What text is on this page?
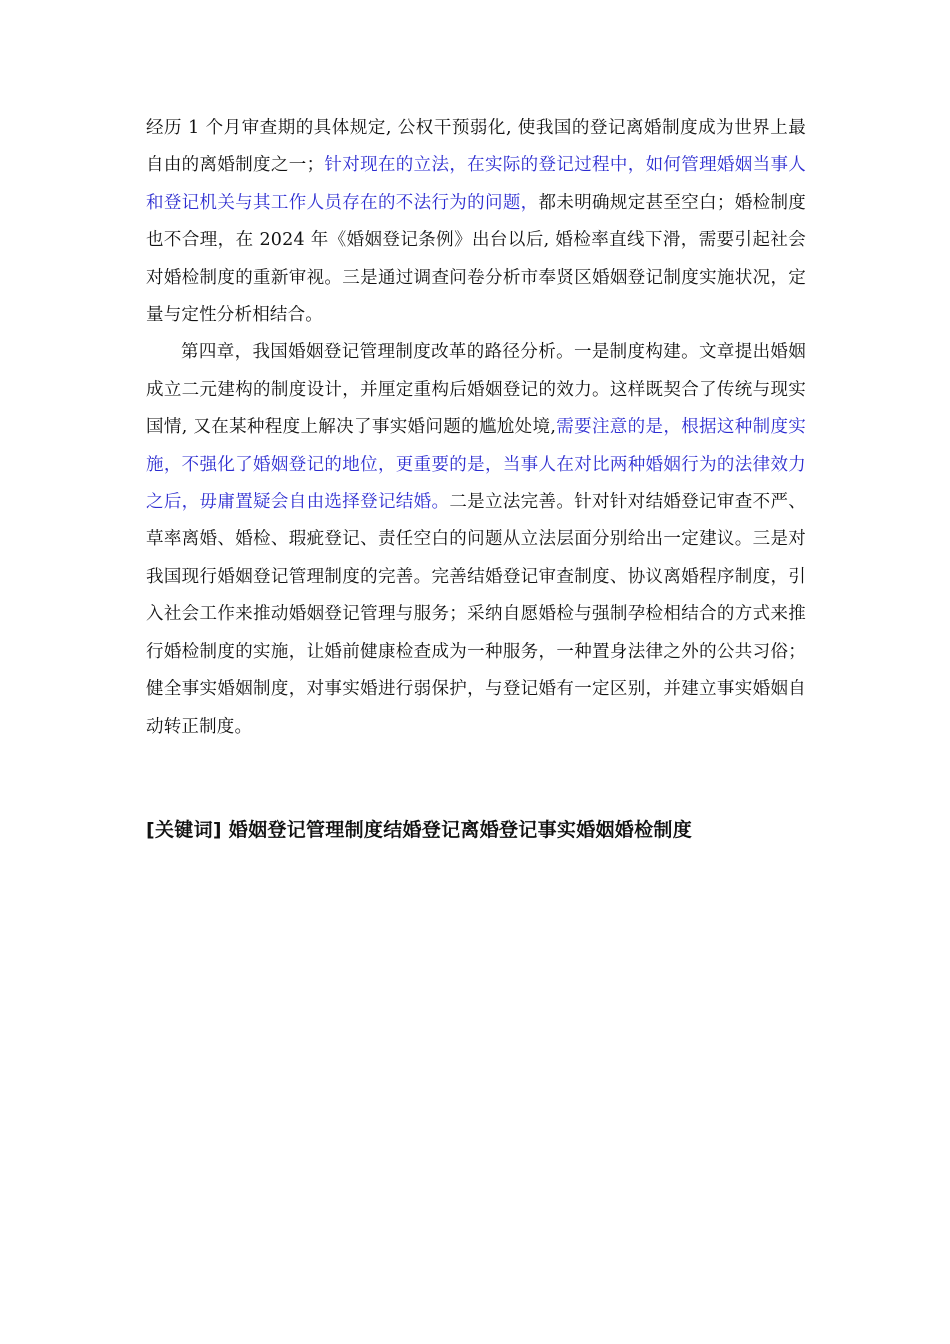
经历 1 个月审查期的具体规定, 公权干预弱化, 使我国的登记离婚制度成为世界上最自由的离婚制度之一；针对现在的立法，在实际的登记过程中，如何管理婚姻当事人和登记机关与其工作人员存在的不法行为的问题，都未明确规定甚至空白；婚检制度也不合理，在 2024 年《婚姻登记条例》出台以后, 婚检率直线下滑，需要引起社会对婚检制度的重新审视。三是通过调查问卷分析市奉贤区婚姻登记制度实施状况，定量与定性分析相结合。

第四章，我国婚姻登记管理制度改革的路径分析。一是制度构建。文章提出婚姻成立二元建构的制度设计，并厘定重构后婚姻登记的效力。这样既契合了传统与现实国情, 又在某种程度上解决了事实婚问题的尴尬处境,需要注意的是，根据这种制度实施，不强化了婚姻登记的地位，更重要的是，当事人在对比两种婚姻行为的法律效力之后，毋庸置疑会自由选择登记结婚。二是立法完善。针对针对结婚登记审查不严、草率离婚、婚检、瑕疵登记、责任空白的问题从立法层面分别给出一定建议。三是对我国现行婚姻登记管理制度的完善。完善结婚登记审查制度、协议离婚程序制度，引入社会工作来推动婚姻登记管理与服务；采纳自愿婚检与强制孕检相结合的方式来推行婚检制度的实施，让婚前健康检查成为一种服务，一种置身法律之外的公共习俗；健全事实婚姻制度，对事实婚进行弱保护，与登记婚有一定区别，并建立事实婚姻自动转正制度。

[关键词] 婚姻登记管理制度结婚登记离婚登记事实婚姻婚检制度
